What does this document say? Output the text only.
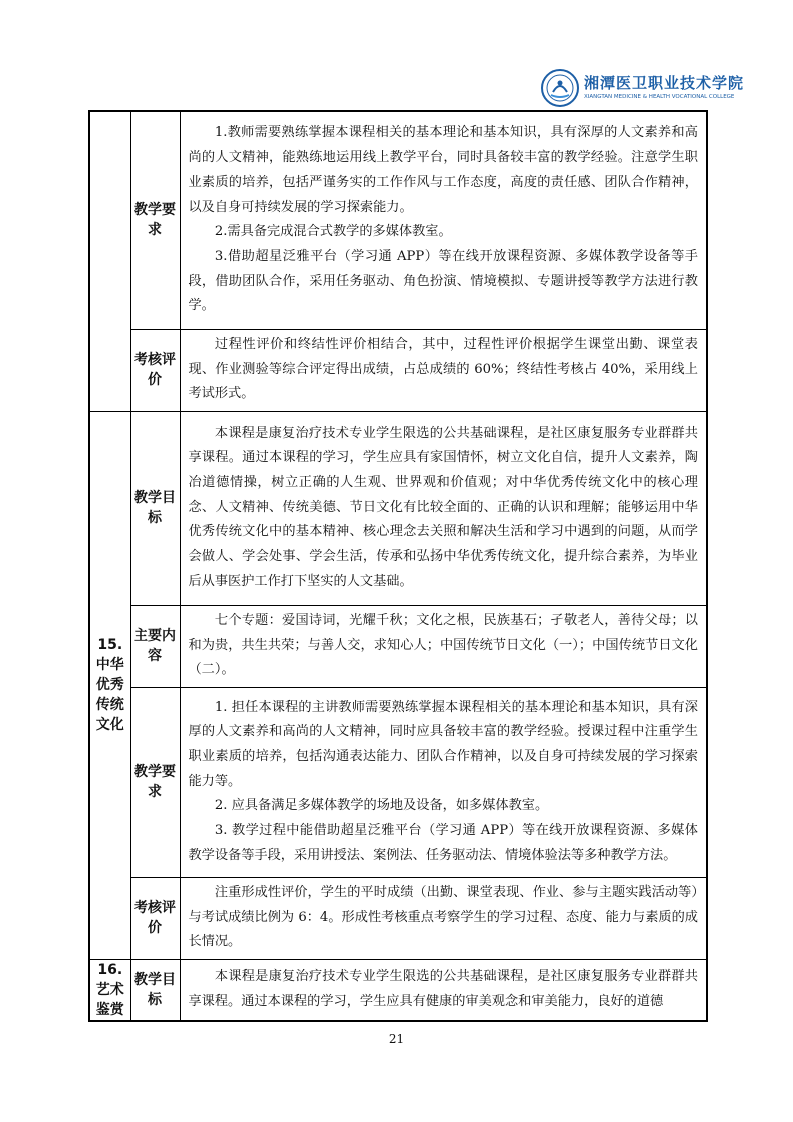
湘潭医卫职业技术学院
XIANGTAN MEDICINE & HEALTH VOCATIONAL COLLEGE
	教学要求	1.教师需要熟练掌握本课程相关的基本理论和基本知识，具有深厚的人文素养和高尚的人文精神，能熟练地运用线上教学平台，同时具备较丰富的教学经验。注意学生职业素质的培养，包括严谨务实的工作作风与工作态度，高度的责任感、团队合作精神，以及自身可持续发展的学习探索能力。

2.需具备完成混合式教学的多媒体教室。

3.借助超星泛雅平台（学习通 APP）等在线开放课程资源、多媒体教学设备等手段，借助团队合作，采用任务驱动、角色扮演、情境模拟、专题讲授等教学方法进行教学。

	考核评价	过程性评价和终结性评价相结合，其中，过程性评价根据学生课堂出勤、课堂表现、作业测验等综合评定得出成绩，占总成绩的 60%；终结性考核占 40%，采用线上考试形式。

15.中华优秀传统文化	教学目标	本课程是康复治疗技术专业学生限选的公共基础课程，是社区康复服务专业群群共享课程。通过本课程的学习，学生应具有家国情怀，树立文化自信，提升人文素养，陶冶道德情操，树立正确的人生观、世界观和价值观；对中华优秀传统文化中的核心理念、人文精神、传统美德、节日文化有比较全面的、正确的认识和理解；能够运用中华优秀传统文化中的基本精神、核心理念去关照和解决生活和学习中遇到的问题，从而学会做人、学会处事、学会生活，传承和弘扬中华优秀传统文化，提升综合素养，为毕业后从事医护工作打下坚实的人文基础。

	主要内容	七个专题：爱国诗词，光耀千秋；文化之根，民族基石；孑敬老人，善待父母；以和为贵，共生共荣；与善人交，求知心人；中国传统节日文化（一）；中国传统节日文化（二）。

	教学要求	1. 担任本课程的主讲教师需要熟练掌握本课程相关的基本理论和基本知识，具有深厚的人文素养和高尚的人文精神，同时应具备较丰富的教学经验。授课过程中注重学生职业素质的培养，包括沟通表达能力、团队合作精神，以及自身可持续发展的学习探索能力等。

2. 应具备满足多媒体教学的场地及设备，如多媒体教室。

3. 教学过程中能借助超星泛雅平台（学习通 APP）等在线开放课程资源、多媒体教学设备等手段，采用讲授法、案例法、任务驱动法、情境体验法等多种教学方法。

	考核评价	注重形成性评价，学生的平时成绩（出勤、课堂表现、作业、参与主题实践活动等）与考试成绩比例为 6：4。形成性考核重点考察学生的学习过程、态度、能力与素质的成长情况。

16.艺术鉴赏	教学目标	本课程是康复治疗技术专业学生限选的公共基础课程，是社区康复服务专业群群共享课程。通过本课程的学习，学生应具有健康的审美观念和审美能力，良好的道德

21
